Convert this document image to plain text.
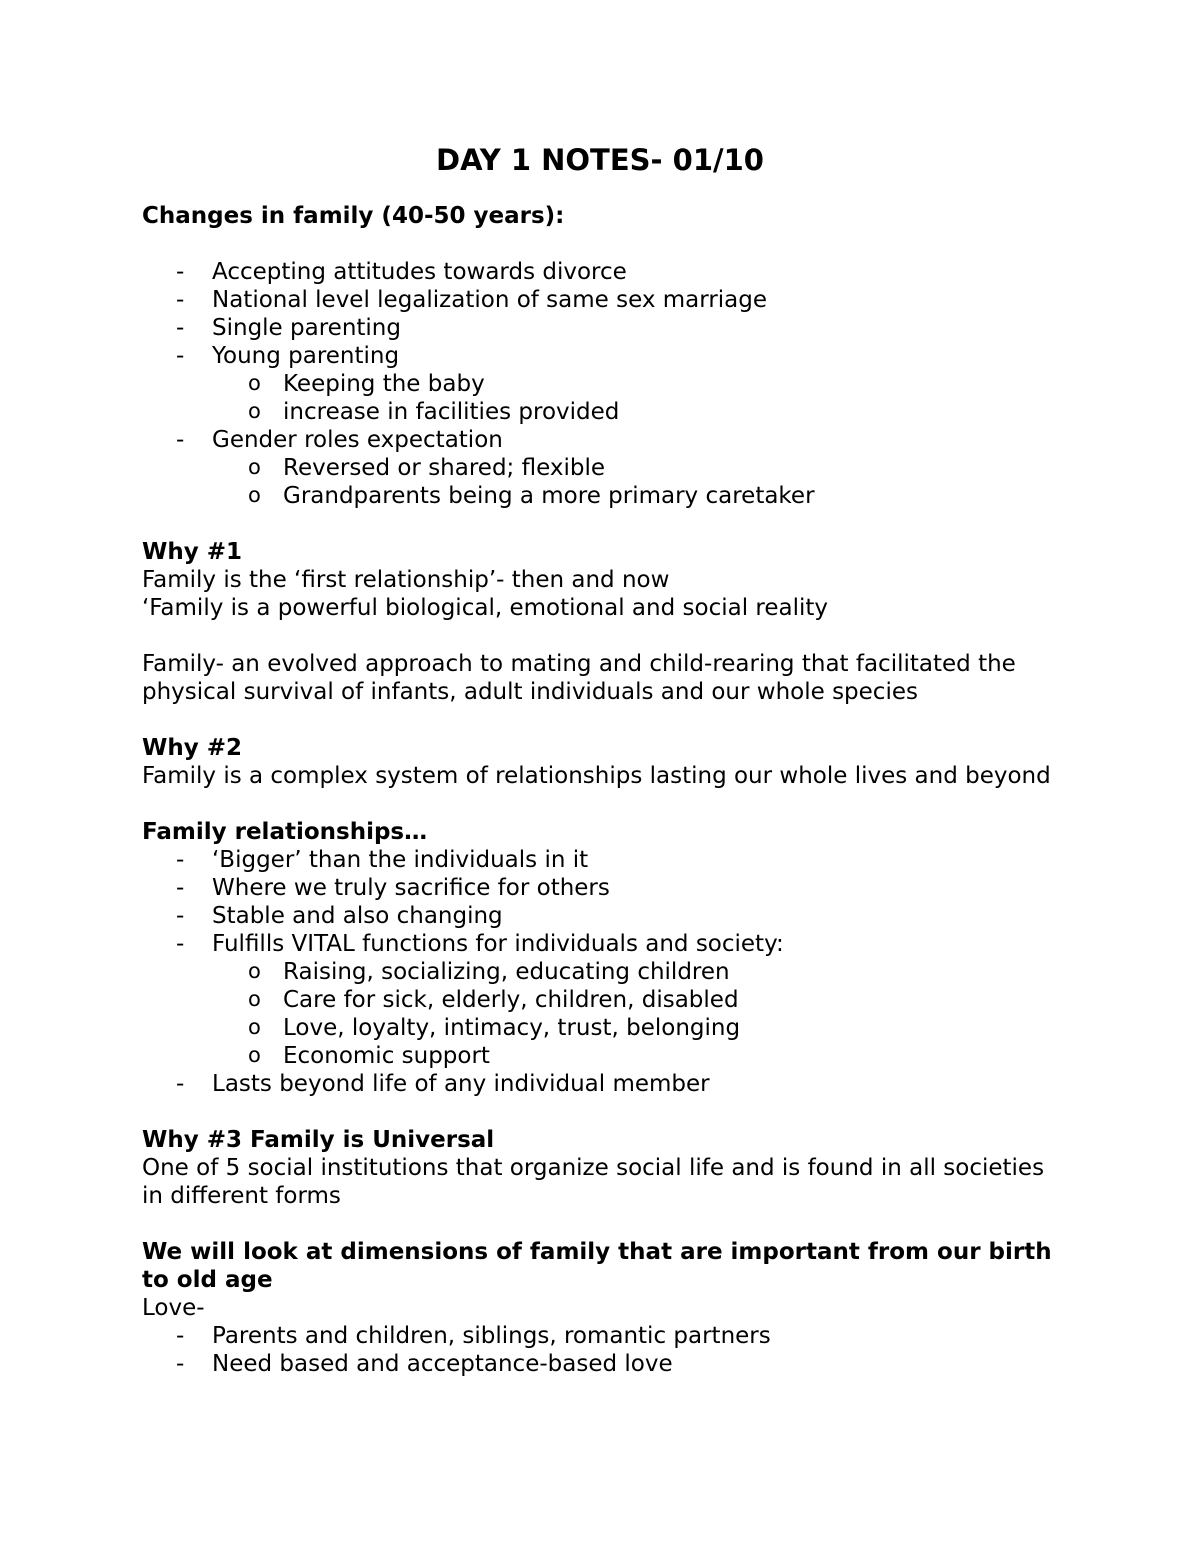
DAY 1 NOTES- 01/10
Changes in family (40-50 years):
- Accepting attitudes towards divorce
- National level legalization of same sex marriage
- Single parenting
- Young parenting
o Keeping the baby
o increase in facilities provided
- Gender roles expectation
o Reversed or shared; flexible
o Grandparents being a more primary caretaker
Why #1
Family is the ‘first relationship’- then and now
‘Family is a powerful biological, emotional and social reality
Family- an evolved approach to mating and child-rearing that facilitated the physical survival of infants, adult individuals and our whole species
Why #2
Family is a complex system of relationships lasting our whole lives and beyond
Family relationships…
- ‘Bigger’ than the individuals in it
- Where we truly sacrifice for others
- Stable and also changing
- Fulfills VITAL functions for individuals and society:
o Raising, socializing, educating children
o Care for sick, elderly, children, disabled
o Love, loyalty, intimacy, trust, belonging
o Economic support
- Lasts beyond life of any individual member
Why #3 Family is Universal
One of 5 social institutions that organize social life and is found in all societies in different forms
We will look at dimensions of family that are important from our birth to old age
Love-
- Parents and children, siblings, romantic partners
- Need based and acceptance-based love
